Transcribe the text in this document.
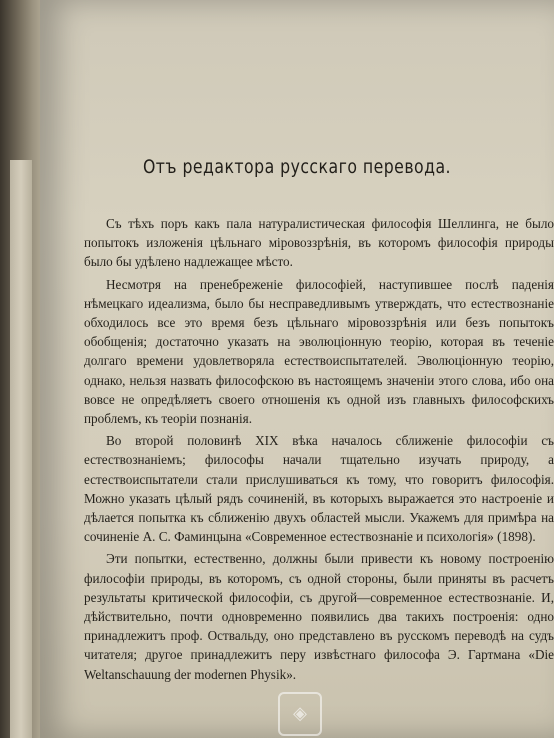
Отъ редактора русскаго перевода.

Съ тѣхъ поръ какъ пала натуралистическая философія Шеллинга, не было попытокъ изложенія цѣльнаго міровоззрѣнія, въ которомъ философія природы было бы удѣлено надлежащее мѣсто.

Несмотря на пренебреженіе философіей, наступившее послѣ паденія нѣмецкаго идеализма, было бы несправедливымъ утверждать, что естествознаніе обходилось все это время безъ цѣльнаго міровоззрѣнія или безъ попытокъ обобщенія; достаточно указать на эволюціонную теорію, которая въ теченіе долгаго времени удовлетворяла естествоиспытателей. Эволюціонную теорію, однако, нельзя назвать философскою въ настоящемъ значеніи этого слова, ибо она вовсе не опредѣляетъ своего отношенія къ одной изъ главныхъ философскихъ проблемъ, къ теоріи познанія.

Во второй половинѣ XIX вѣка началось сближеніе философіи съ естествознаніемъ; философы начали тщательно изучать природу, а естествоиспытатели стали прислушиваться къ тому, что говоритъ философія. Можно указать цѣлый рядъ сочиненій, въ которыхъ выражается это настроеніе и дѣлается попытка къ сближенію двухъ областей мысли. Укажемъ для примѣра на сочиненіе А. С. Фаминцына «Современное естествознаніе и психологія» (1898).

Эти попытки, естественно, должны были привести къ новому построенію философіи природы, въ которомъ, съ одной стороны, были приняты въ расчетъ результаты критической философіи, съ другой—современное естествознаніе. И, дѣйствительно, почти одновременно появились два такихъ построенія: одно принадлежитъ проф. Оствальду, оно представлено въ русскомъ переводѣ на судъ читателя; другое принадлежитъ перу извѣстнаго философа Э. Гартмана «Die Weltanschauung der modernen Physik».

◈
